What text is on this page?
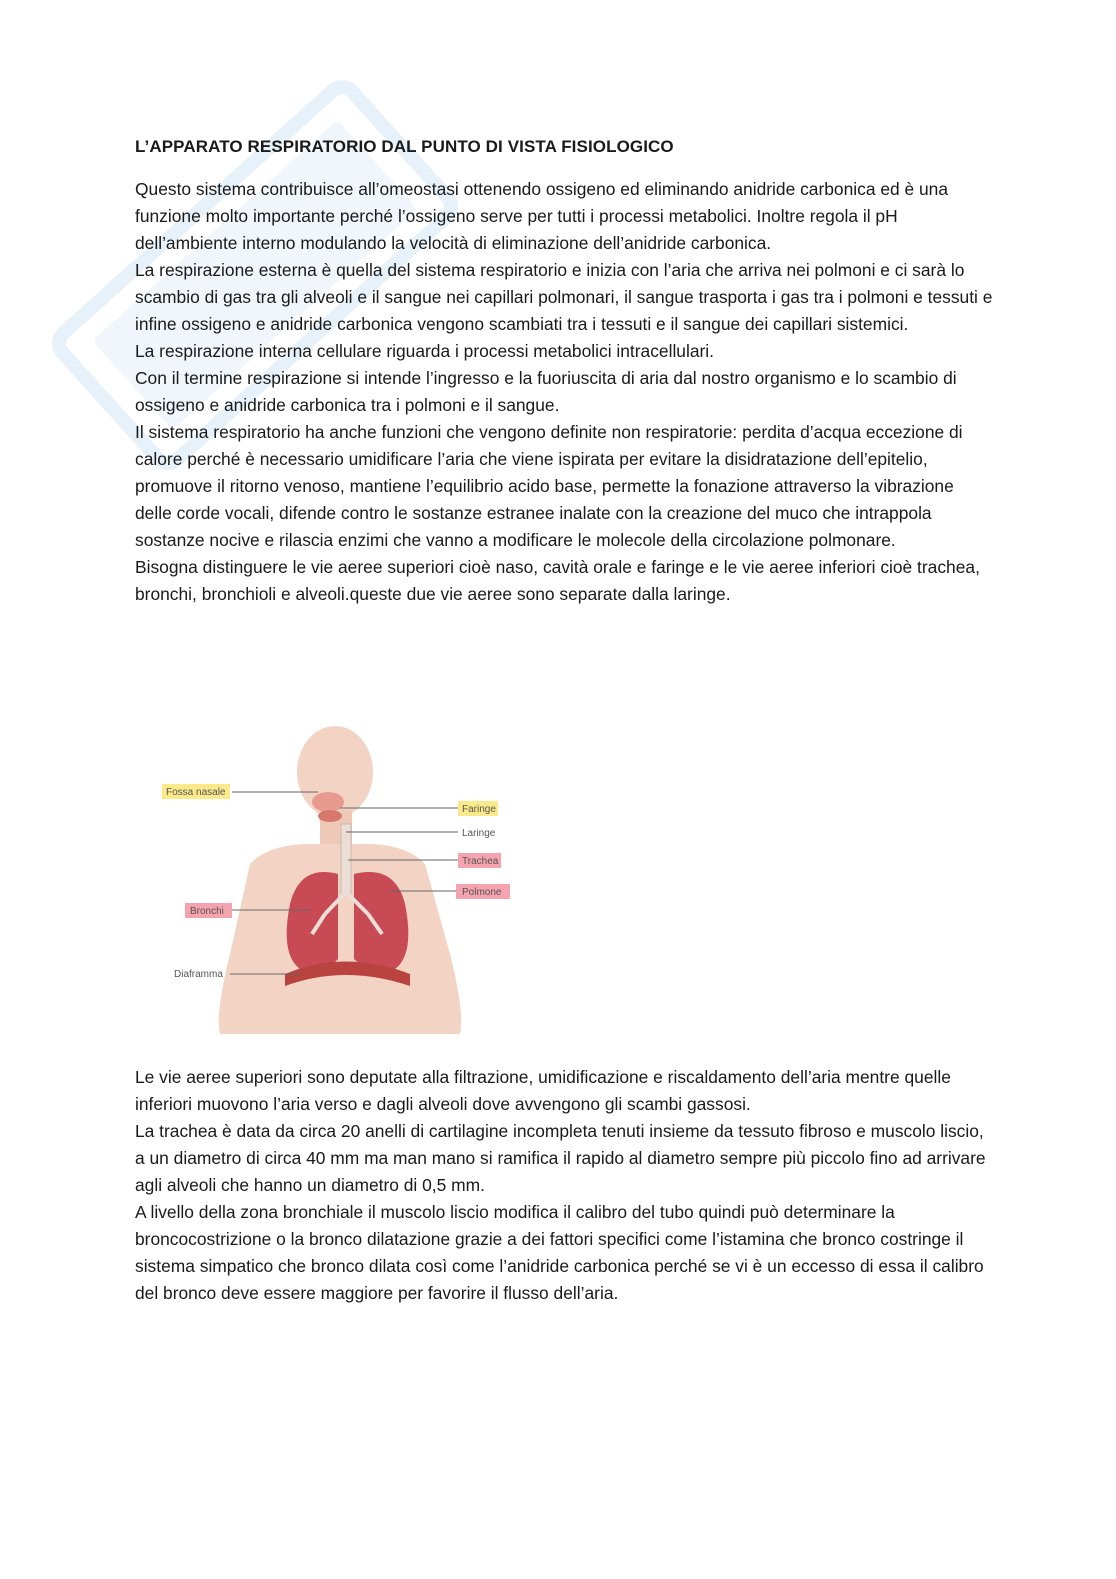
L’APPARATO RESPIRATORIO DAL PUNTO DI VISTA FISIOLOGICO

Questo sistema contribuisce all’omeostasi ottenendo ossigeno ed eliminando anidride carbonica ed è una funzione molto importante perché l’ossigeno serve per tutti i processi metabolici. Inoltre regola il pH dell’ambiente interno modulando la velocità di eliminazione dell’anidride carbonica.

La respirazione esterna è quella del sistema respiratorio e inizia con l’aria che arriva nei polmoni e ci sarà lo scambio di gas tra gli alveoli e il sangue nei capillari polmonari, il sangue trasporta i gas tra i polmoni e tessuti e infine ossigeno e anidride carbonica vengono scambiati tra i tessuti e il sangue dei capillari sistemici.

La respirazione interna cellulare riguarda i processi metabolici intracellulari.

Con il termine respirazione si intende l’ingresso e la fuoriuscita di aria dal nostro organismo e lo scambio di ossigeno e anidride carbonica tra i polmoni e il sangue.

Il sistema respiratorio ha anche funzioni che vengono definite non respiratorie: perdita d’acqua eccezione di calore perché è necessario umidificare l’aria che viene ispirata per evitare la disidratazione dell’epitelio, promuove il ritorno venoso, mantiene l’equilibrio acido base, permette la fonazione attraverso la vibrazione delle corde vocali, difende contro le sostanze estranee inalate con la creazione del muco che intrappola sostanze nocive e rilascia enzimi che vanno a modificare le molecole della circolazione polmonare.

Bisogna distinguere le vie aeree superiori cioè naso, cavità orale e faringe e le vie aeree inferiori cioè trachea, bronchi, bronchioli e alveoli.queste due vie aeree sono separate dalla laringe.

Fossa nasale
Faringe
Laringe
Trachea
Polmone
Bronchi
Diaframma

Le vie aeree superiori sono deputate alla filtrazione, umidificazione e riscaldamento dell’aria mentre quelle inferiori muovono l’aria verso e dagli alveoli dove avvengono gli scambi gassosi.

La trachea è data da circa 20 anelli di cartilagine incompleta tenuti insieme da tessuto fibroso e muscolo liscio, a un diametro di circa 40 mm ma man mano si ramifica il rapido al diametro sempre più piccolo fino ad arrivare agli alveoli che hanno un diametro di 0,5 mm.

A livello della zona bronchiale il muscolo liscio modifica il calibro del tubo quindi può determinare la broncocostrizione o la bronco dilatazione grazie a dei fattori specifici come l’istamina che bronco costringe il sistema simpatico che bronco dilata così come l’anidride carbonica perché se vi è un eccesso di essa il calibro del bronco deve essere maggiore per favorire il flusso dell’aria.
